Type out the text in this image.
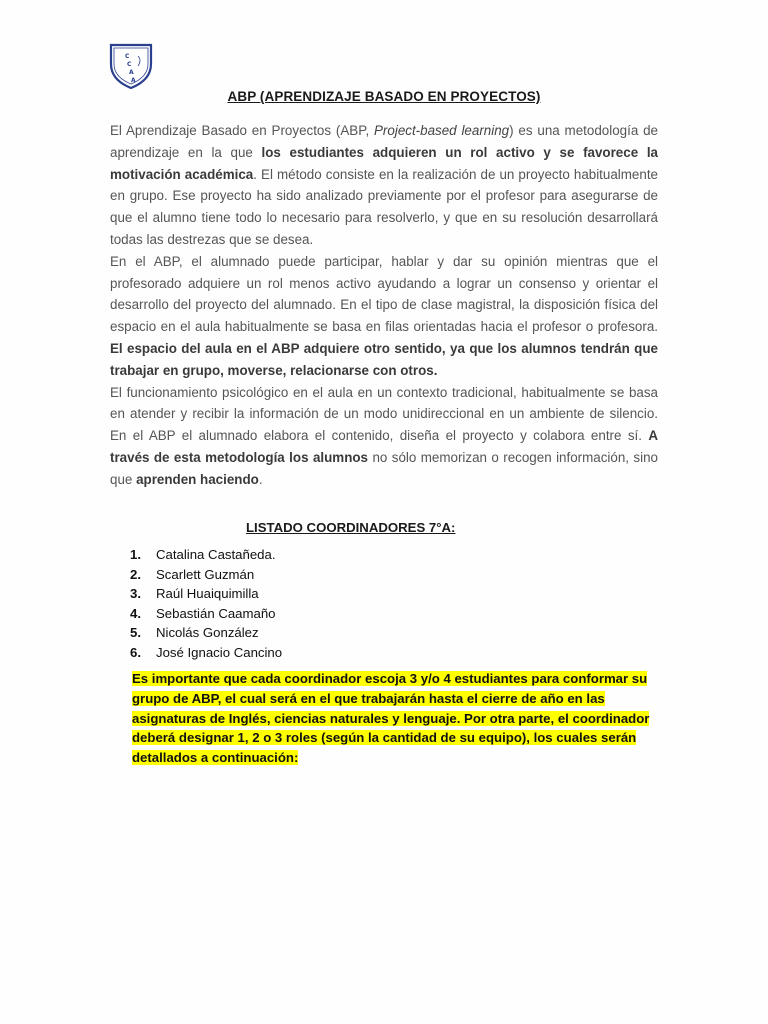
C
C
A
A
ABP (APRENDIZAJE BASADO EN PROYECTOS)

El Aprendizaje Basado en Proyectos (ABP, Project-based learning) es una metodología de aprendizaje en la que los estudiantes adquieren un rol activo y se favorece la motivación académica. El método consiste en la realización de un proyecto habitualmente en grupo. Ese proyecto ha sido analizado previamente por el profesor para asegurarse de que el alumno tiene todo lo necesario para resolverlo, y que en su resolución desarrollará todas las destrezas que se desea.

En el ABP, el alumnado puede participar, hablar y dar su opinión mientras que el profesorado adquiere un rol menos activo ayudando a lograr un consenso y orientar el desarrollo del proyecto del alumnado. En el tipo de clase magistral, la disposición física del espacio en el aula habitualmente se basa en filas orientadas hacia el profesor o profesora. El espacio del aula en el ABP adquiere otro sentido, ya que los alumnos tendrán que trabajar en grupo, moverse, relacionarse con otros.

El funcionamiento psicológico en el aula en un contexto tradicional, habitualmente se basa en atender y recibir la información de un modo unidireccional en un ambiente de silencio. En el ABP el alumnado elabora el contenido, diseña el proyecto y colabora entre sí. A través de esta metodología los alumnos no sólo memorizan o recogen información, sino que aprenden haciendo.

LISTADO COORDINADORES 7°A:
1.	Catalina Castañeda.
2.	Scarlett Guzmán
3.	Raúl Huaiquimilla
4.	Sebastián Caamaño
5.	Nicolás González
6.	José Ignacio Cancino
Es importante que cada coordinador escoja 3 y/o 4 estudiantes para conformar su grupo de ABP, el cual será en el que trabajarán hasta el cierre de año en las asignaturas de Inglés, ciencias naturales y lenguaje. Por otra parte, el coordinador deberá designar 1, 2 o 3 roles (según la cantidad de su equipo), los cuales serán detallados a continuación:
